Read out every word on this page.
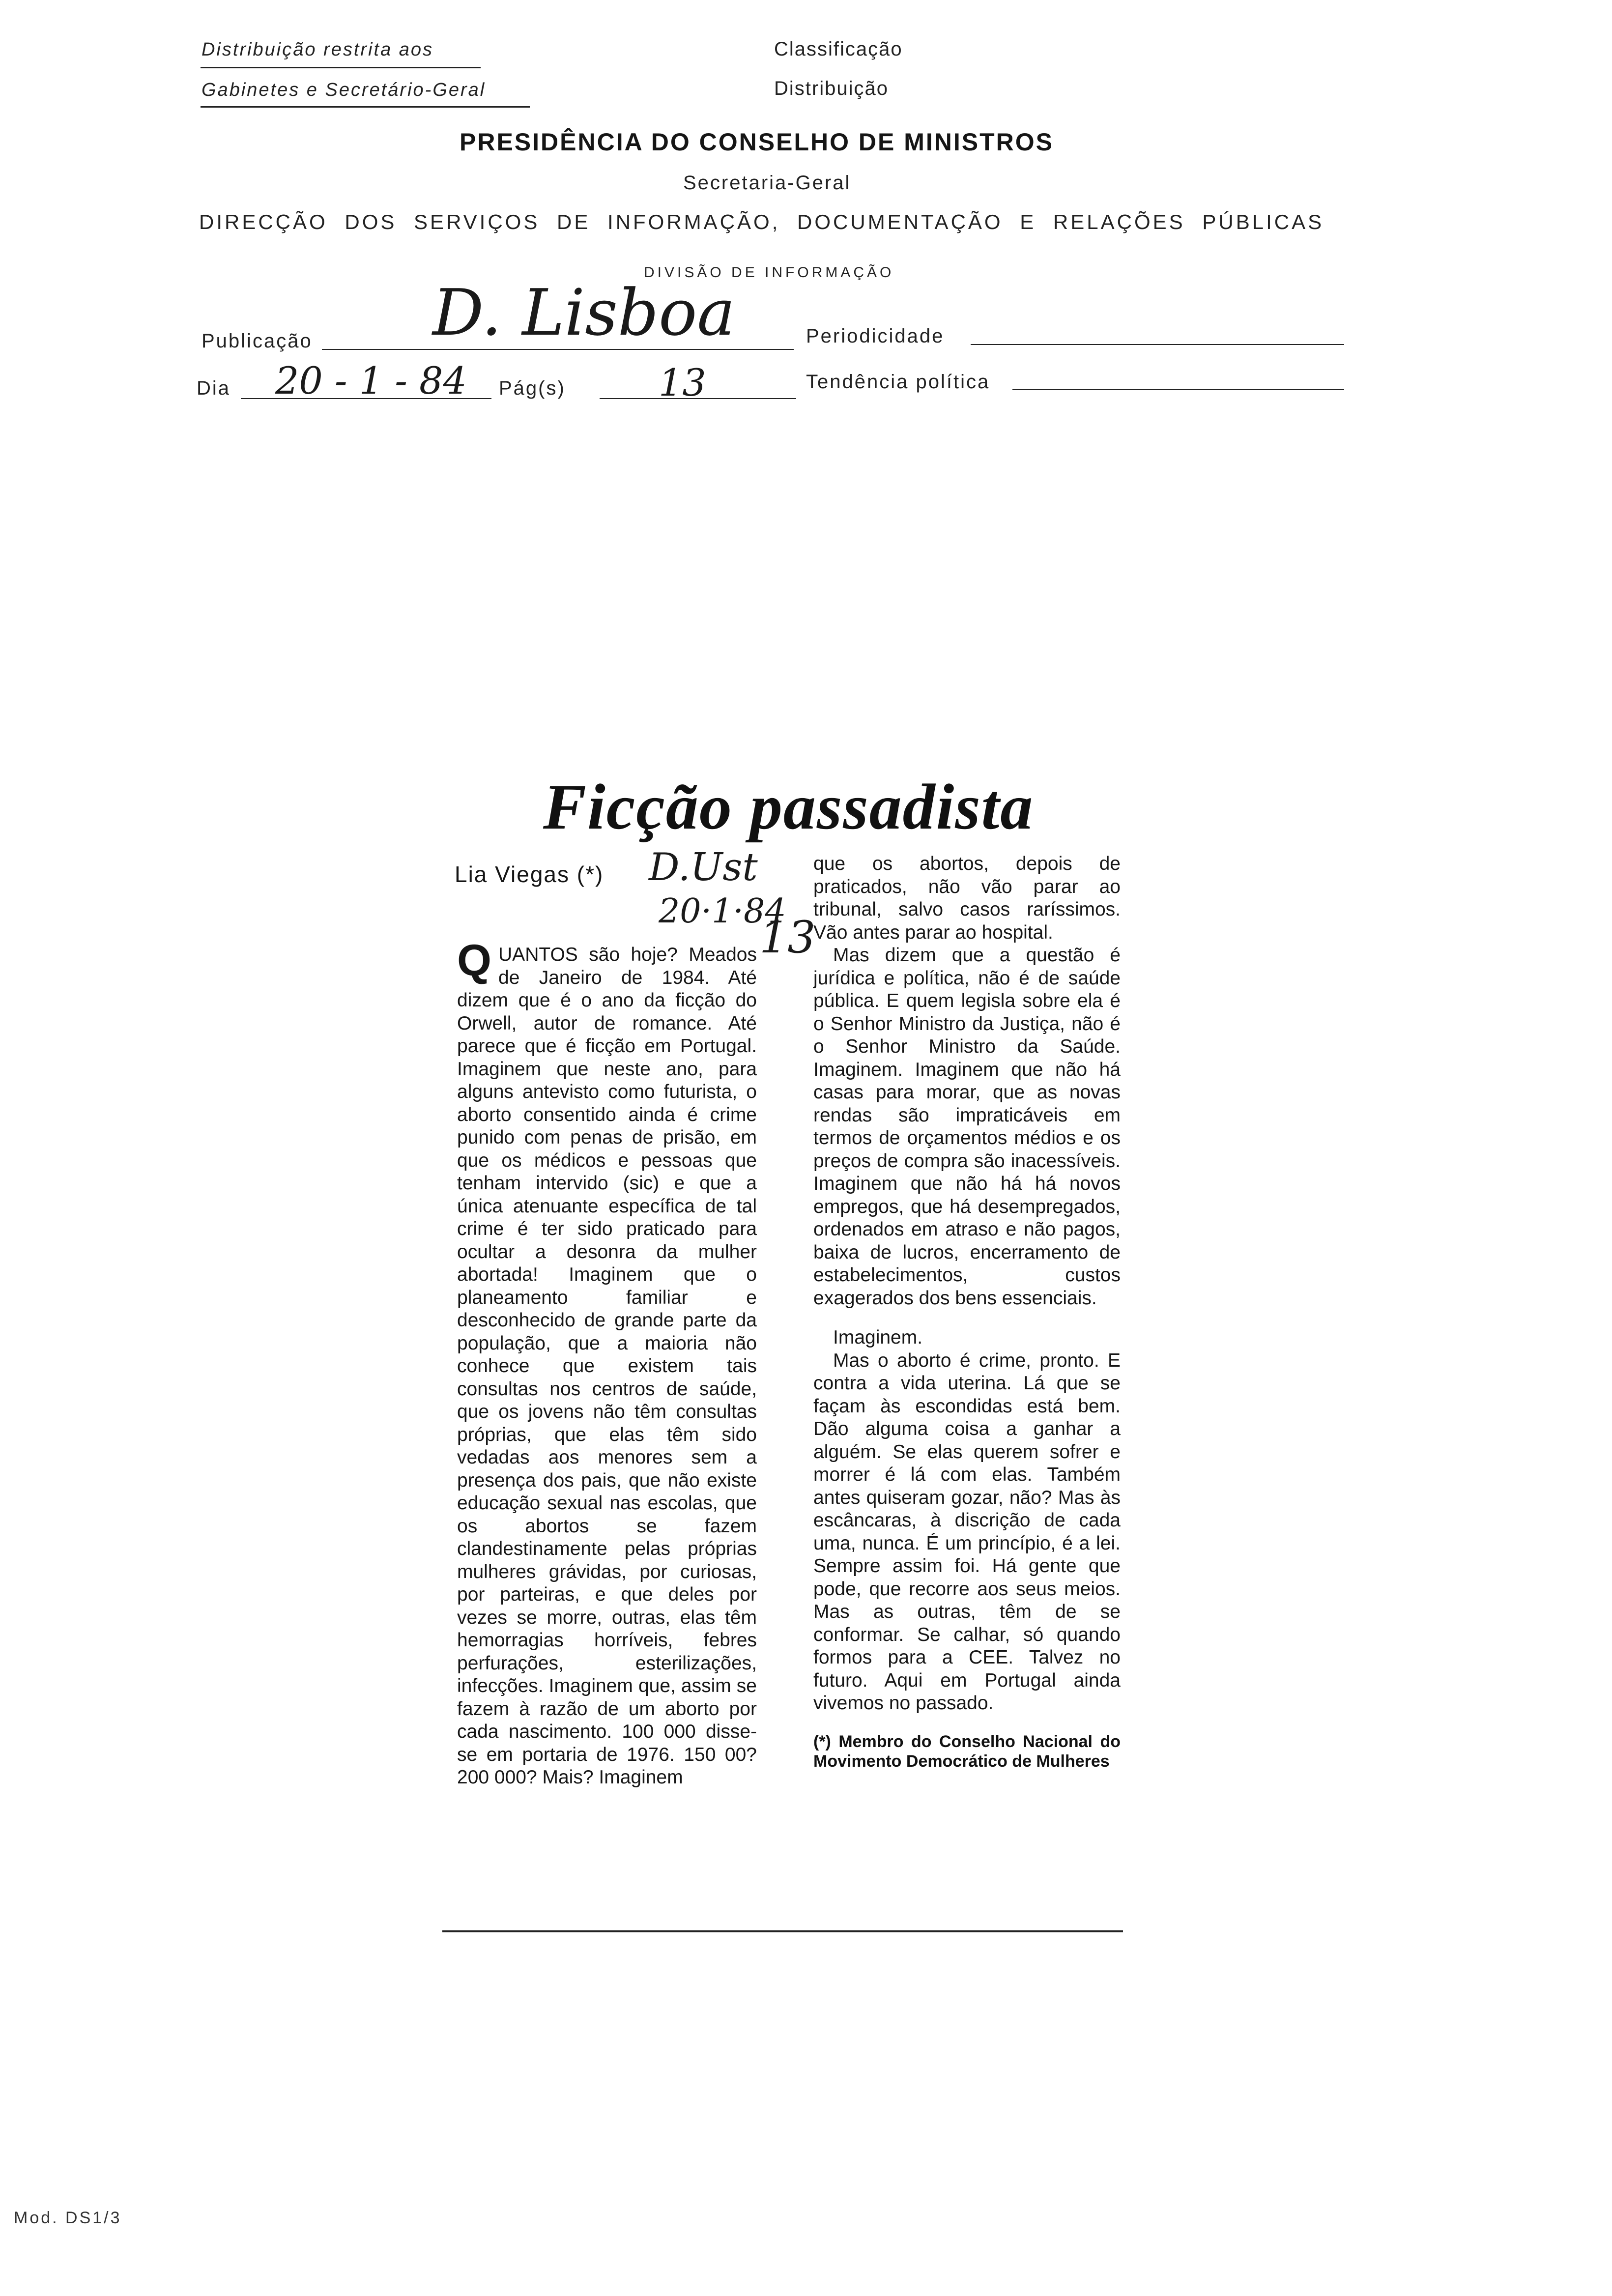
Distribuição restrita aos
Gabinetes e Secretário-Geral
Classificação
Distribuição
PRESIDÊNCIA DO CONSELHO DE MINISTROS
Secretaria-Geral
DIRECÇÃO DOS SERVIÇOS DE INFORMAÇÃO, DOCUMENTAÇÃO E RELAÇÕES PÚBLICAS
DIVISÃO DE INFORMAÇÃO
Publicação D. Lisboa	Periodicidade
Dia 20 - 1 - 84 Pág(s) 13	Tendência política
Ficção passadista
Lia Viegas (*) D.Ust
20·1·84
13

QUANTOS são hoje? Meados de Janeiro de 1984. Até dizem que é o ano da ficção do Orwell, autor de romance. Até parece que é ficção em Portugal. Imaginem que neste ano, para alguns antevisto como futurista, o aborto consentido ainda é crime punido com penas de prisão, em que os médicos e pessoas que tenham intervido (sic) e que a única atenuante específica de tal crime é ter sido praticado para ocultar a desonra da mulher abortada! Imaginem que o planeamento familiar e desconhecido de grande parte da população, que a maioria não conhece que existem tais consultas nos centros de saúde, que os jovens não têm consultas próprias, que elas têm sido vedadas aos menores sem a presença dos pais, que não existe educação sexual nas escolas, que os abortos se fazem clandestinamente pelas próprias mulheres grávidas, por curiosas, por parteiras, e que deles por vezes se morre, outras, elas têm hemorragias horríveis, febres perfurações, esterilizações, infecções. Imaginem que, assim se fazem à razão de um aborto por cada nascimento. 100 000 disse-se em portaria de 1976. 150 00? 200 000? Mais? Imaginem

que os abortos, depois de praticados, não vão parar ao tribunal, salvo casos raríssimos. Vão antes parar ao hospital.

Mas dizem que a questão é jurídica e política, não é de saúde pública. E quem legisla sobre ela é o Senhor Ministro da Justiça, não é o Senhor Ministro da Saúde. Imaginem. Imaginem que não há casas para morar, que as novas rendas são impraticáveis em termos de orçamentos médios e os preços de compra são inacessíveis. Imaginem que não há há novos empregos, que há desempregados, ordenados em atraso e não pagos, baixa de lucros, encerramento de estabelecimentos, custos exagerados dos bens essenciais.

Imaginem.

Mas o aborto é crime, pronto. E contra a vida uterina. Lá que se façam às escondidas está bem. Dão alguma coisa a ganhar a alguém. Se elas querem sofrer e morrer é lá com elas. Também antes quiseram gozar, não? Mas às escâncaras, à discrição de cada uma, nunca. É um princípio, é a lei. Sempre assim foi. Há gente que pode, que recorre aos seus meios. Mas as outras, têm de se conformar. Se calhar, só quando formos para a CEE. Talvez no futuro. Aqui em Portugal ainda vivemos no passado.

(*) Membro do Conselho Nacional do Movimento Democrático de Mulheres

Mod. DS1/3
